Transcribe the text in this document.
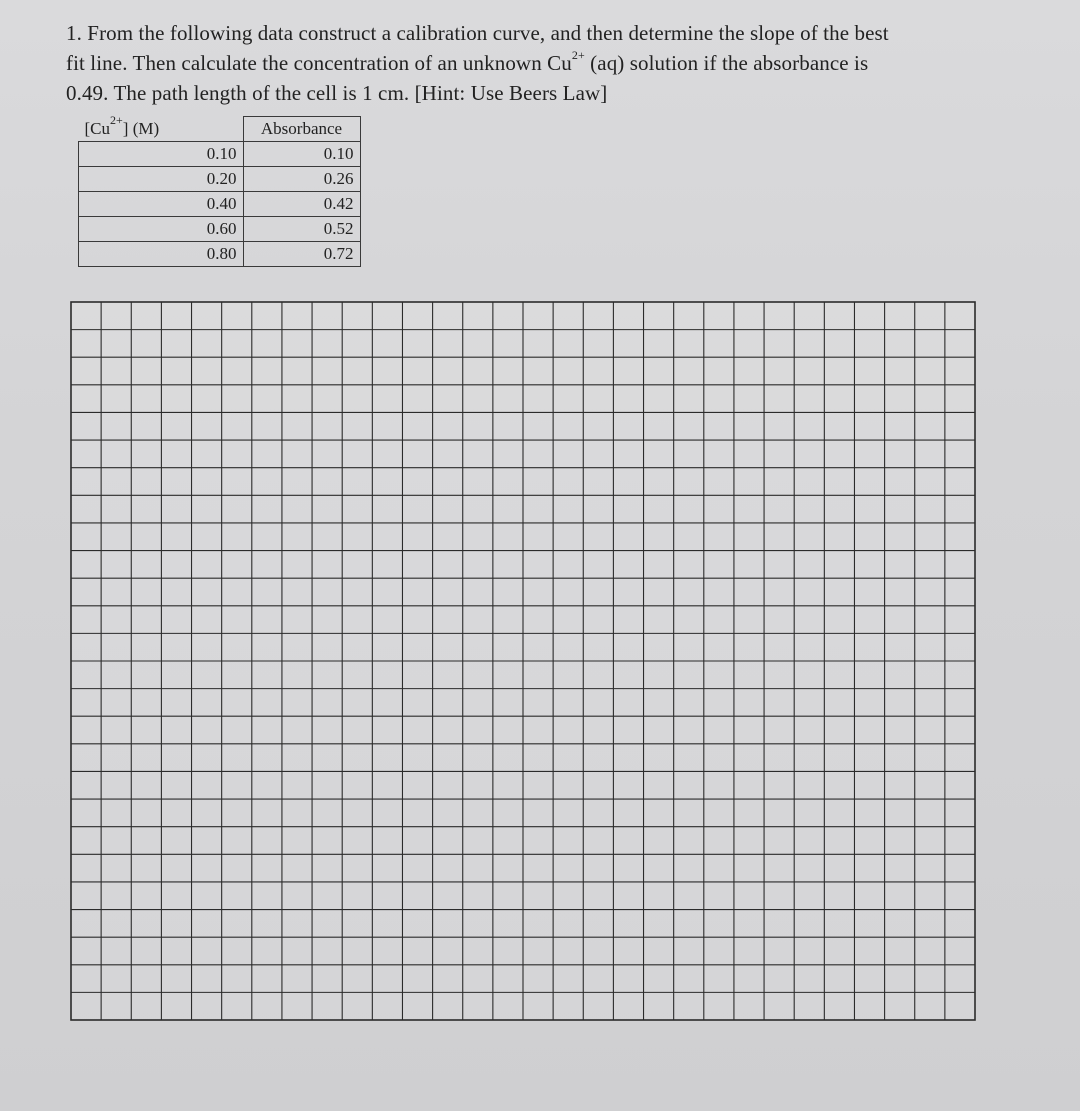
1. From the following data construct a calibration curve, and then determine the slope of the best

fit line. Then calculate the concentration of an unknown $Cu^{2+}$ (aq) solution if the absorbance is

0.49. The path length of the cell is 1 cm. [Hint: Use Beers Law]

$[Cu^{2+}]$ (M)	Absorbance
0.10	0.10
0.20	0.26
0.40	0.42
0.60	0.52
0.80	0.72
